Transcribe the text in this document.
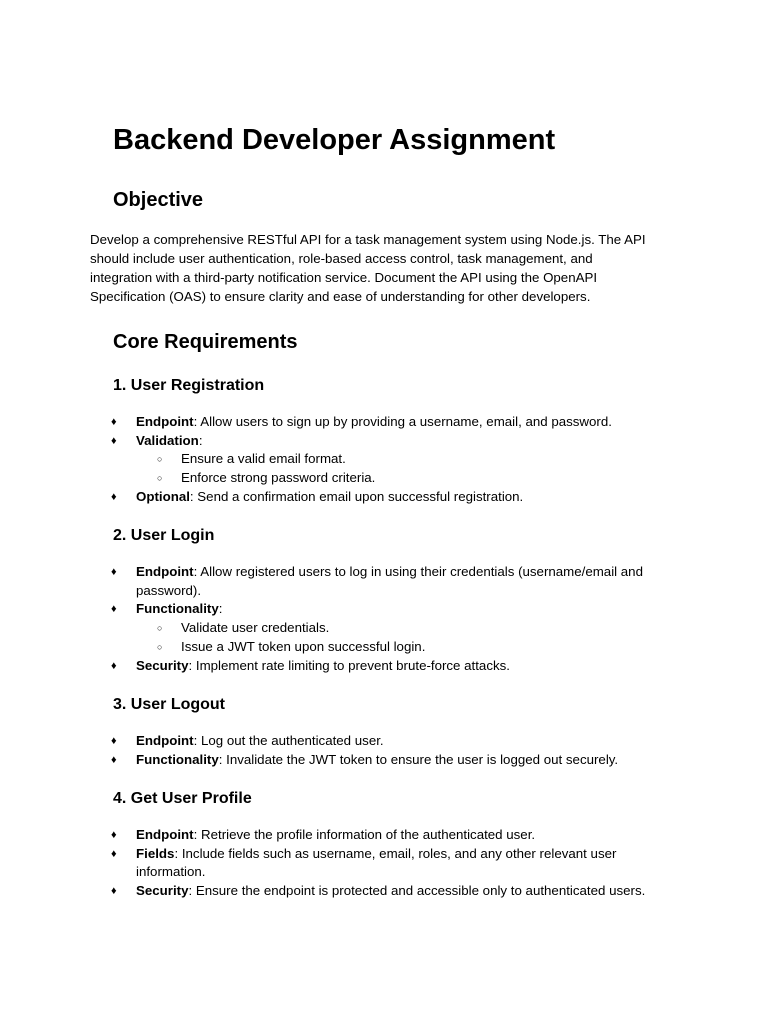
Backend Developer Assignment
Objective

Develop a comprehensive RESTful API for a task management system using Node.js. The API
should include user authentication, role-based access control, task management, and
integration with a third-party notification service. Document the API using the OpenAPI
Specification (OAS) to ensure clarity and ease of understanding for other developers.

Core Requirements
1. User Registration
♦ Endpoint: Allow users to sign up by providing a username, email, and password.
♦ Validation:
○ Ensure a valid email format.
○ Enforce strong password criteria.
♦ Optional: Send a confirmation email upon successful registration.
2. User Login
♦ Endpoint: Allow registered users to log in using their credentials (username/email and password).
♦ Functionality:
○ Validate user credentials.
○ Issue a JWT token upon successful login.
♦ Security: Implement rate limiting to prevent brute-force attacks.
3. User Logout
♦ Endpoint: Log out the authenticated user.
♦ Functionality: Invalidate the JWT token to ensure the user is logged out securely.
4. Get User Profile
♦ Endpoint: Retrieve the profile information of the authenticated user.
♦ Fields: Include fields such as username, email, roles, and any other relevant user information.
♦ Security: Ensure the endpoint is protected and accessible only to authenticated users.
